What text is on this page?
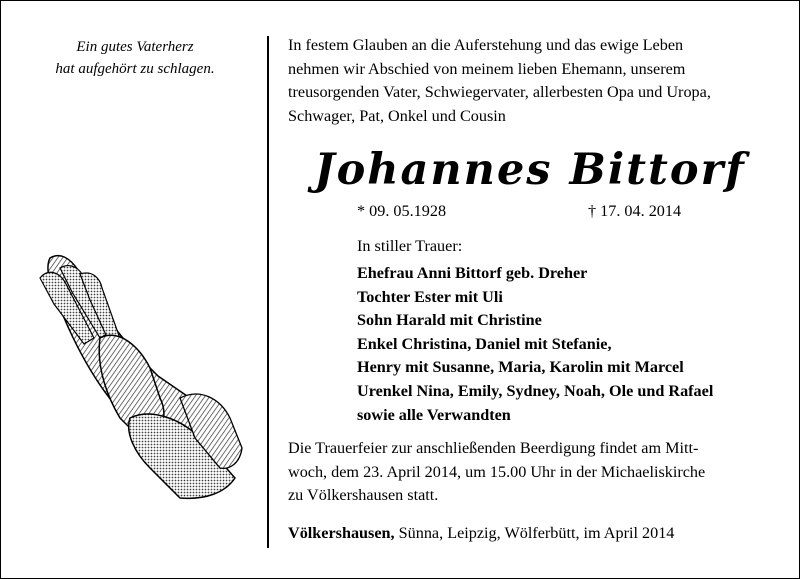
Ein gutes Vaterherz
hat aufgehört zu schlagen.
In festem Glauben an die Auferstehung und das ewige Leben
nehmen wir Abschied von meinem lieben Ehemann, unserem
treusorgenden Vater, Schwiegervater, allerbesten Opa und Uropa,
Schwager, Pat, Onkel und Cousin
Johannes Bittorf
* 09. 05.1928	† 17. 04. 2014
In stiller Trauer:
Ehefrau Anni Bittorf geb. Dreher
Tochter Ester mit Uli
Sohn Harald mit Christine
Enkel Christina, Daniel mit Stefanie,
Henry mit Susanne, Maria, Karolin mit Marcel
Urenkel Nina, Emily, Sydney, Noah, Ole und Rafael
sowie alle Verwandten
Die Trauerfeier zur anschließenden Beerdigung findet am Mitt-
woch, dem 23. April 2014, um 15.00 Uhr in der Michaeliskirche
zu Völkershausen statt.
Völkershausen, Sünna, Leipzig, Wölferbütt, im April 2014
